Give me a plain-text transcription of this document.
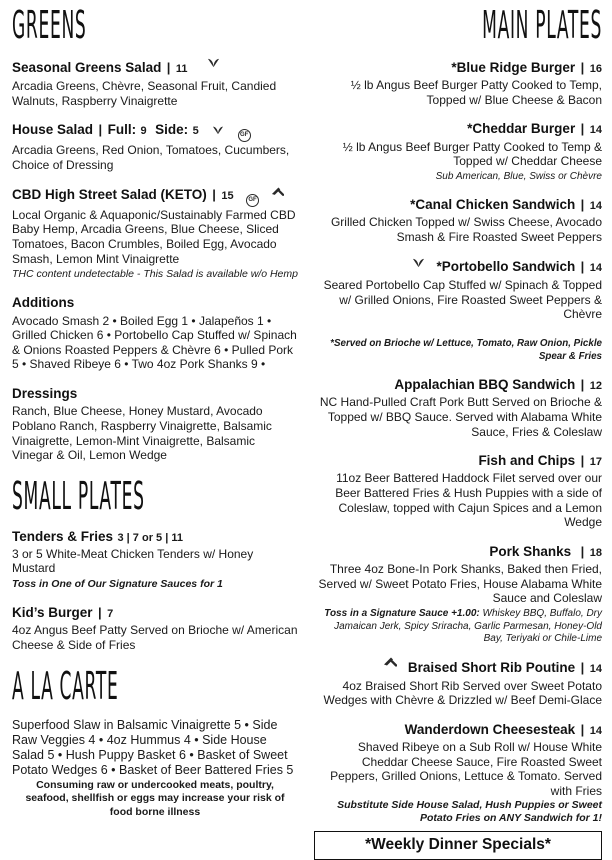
GREENS
Seasonal Greens Salad | 11
Arcadia Greens, Chèvre, Seasonal Fruit, Candied Walnuts, Raspberry Vinaigrette
House Salad | Full: 9 Side: 5	GF
Arcadia Greens, Red Onion, Tomatoes, Cucumbers, Choice of Dressing
CBD High Street Salad (KETO) | 15 GF
Local Organic & Aquaponic/Sustainably Farmed CBD Baby Hemp, Arcadia Greens, Blue Cheese, Sliced Tomatoes, Bacon Crumbles, Boiled Egg, Avocado Smash, Lemon Mint Vinaigrette
THC content undetectable - This Salad is available w/o Hemp
Additions
Avocado Smash 2 • Boiled Egg 1 • Jalapeños 1 • Grilled Chicken 6 • Portobello Cap Stuffed w/ Spinach & Onions Roasted Peppers & Chèvre 6 • Pulled Pork 5 • Shaved Ribeye 6 • Two 4oz Pork Shanks 9 •
Dressings
Ranch, Blue Cheese, Honey Mustard, Avocado Poblano Ranch, Raspberry Vinaigrette, Balsamic Vinaigrette, Lemon-Mint Vinaigrette, Balsamic Vinegar & Oil, Lemon Wedge
SMALL PLATES
Tenders & Fries 3 | 7 or 5 | 11
3 or 5 White-Meat Chicken Tenders w/ Honey Mustard
Toss in One of Our Signature Sauces for 1
Kid’s Burger | 7
4oz Angus Beef Patty Served on Brioche w/ American Cheese & Side of Fries
A LA CARTE
Superfood Slaw in Balsamic Vinaigrette 5 • Side Raw Veggies 4 • 4oz Hummus 4 • Side House Salad 5 • Hush Puppy Basket 6 • Basket of Sweet Potato Wedges 6 • Basket of Beer Battered Fries 5
Consuming raw or undercooked meats, poultry, seafood, shellfish or eggs may increase your risk of food borne illness
MAIN PLATES
*Blue Ridge Burger | 16
½ lb Angus Beef Burger Patty Cooked to Temp, Topped w/ Blue Cheese & Bacon
*Cheddar Burger | 14
½ lb Angus Beef Burger Patty Cooked to Temp & Topped w/ Cheddar Cheese
Sub American, Blue, Swiss or Chèvre
*Canal Chicken Sandwich | 14
Grilled Chicken Topped w/ Swiss Cheese, Avocado Smash & Fire Roasted Sweet Peppers
*Portobello Sandwich | 14
Seared Portobello Cap Stuffed w/ Spinach & Topped w/ Grilled Onions, Fire Roasted Sweet Peppers & Chèvre
*Served on Brioche w/ Lettuce, Tomato, Raw Onion, Pickle Spear & Fries
Appalachian BBQ Sandwich | 12
NC Hand-Pulled Craft Pork Butt Served on Brioche & Topped w/ BBQ Sauce. Served with Alabama White Sauce, Fries & Coleslaw
Fish and Chips | 17
11oz Beer Battered Haddock Filet served over our Beer Battered Fries & Hush Puppies with a side of Coleslaw, topped with Cajun Spices and a Lemon Wedge
Pork Shanks | 18
Three 4oz Bone-In Pork Shanks, Baked then Fried, Served w/ Sweet Potato Fries, House Alabama White Sauce and Coleslaw
Toss in a Signature Sauce +1.00: Whiskey BBQ, Buffalo, Dry Jamaican Jerk, Spicy Sriracha, Garlic Parmesan, Honey-Old Bay, Teriyaki or Chile-Lime
Braised Short Rib Poutine | 14
4oz Braised Short Rib Served over Sweet Potato Wedges with Chèvre & Drizzled w/ Beef Demi-Glace
Wanderdown Cheesesteak | 14
Shaved Ribeye on a Sub Roll w/ House White Cheddar Cheese Sauce, Fire Roasted Sweet Peppers, Grilled Onions, Lettuce & Tomato. Served with Fries
Substitute Side House Salad, Hush Puppies or Sweet Potato Fries on ANY Sandwich for 1!
*Weekly Dinner Specials*
